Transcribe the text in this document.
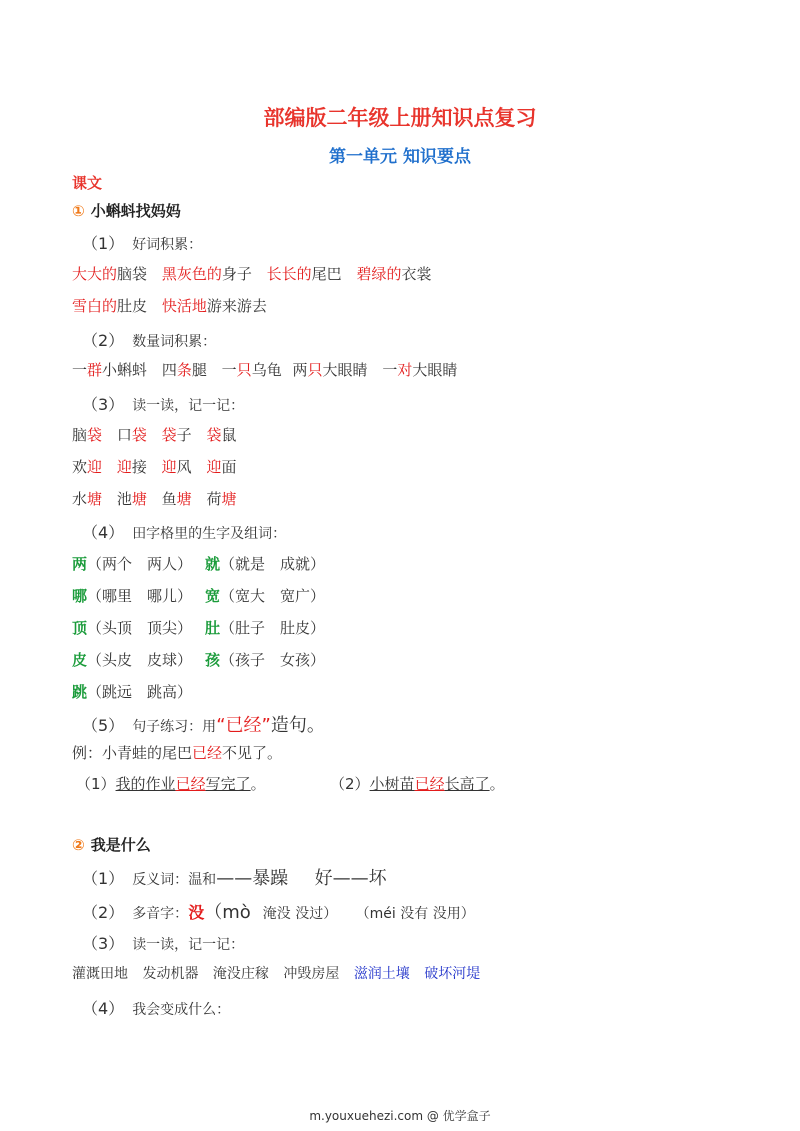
部编版二年级上册知识点复习
第一单元 知识要点
课文
① 小蝌蚪找妈妈
（1） 好词积累：
大大的脑袋 黑灰色的身子 长长的尾巴 碧绿的衣裳
雪白的肚皮 快活地游来游去
（2） 数量词积累：
一群小蝌蚪 四条腿 一只乌龟 两只大眼睛 一对大眼睛
（3） 读一读，记一记：
脑袋 口袋 袋子 袋鼠
欢迎 迎接 迎风 迎面
水塘 池塘 鱼塘 荷塘
（4） 田字格里的生字及组词：
两（两个　两人） 就（就是　成就）
哪（哪里　哪儿） 宽（宽大　宽广）
顶（头顶　顶尖） 肚（肚子　肚皮）
皮（头皮　皮球） 孩（孩子　女孩）
跳（跳远　跳高）
（5） 句子练习：用“已经”造句。
例：小青蛙的尾巴已经不见了。
（1）我的作业已经写完了。	（2）小树苗已经长高了。
② 我是什么
（1） 反义词：温和——暴躁 好——坏
（2） 多音字：没（mò 淹没 没过） （méi 没有 没用）
（3） 读一读，记一记：
灌溉田地 发动机器 淹没庄稼 冲毁房屋 滋润土壤 破坏河堤
（4） 我会变成什么：
m.youxuehezi.com @ 优学盒子
